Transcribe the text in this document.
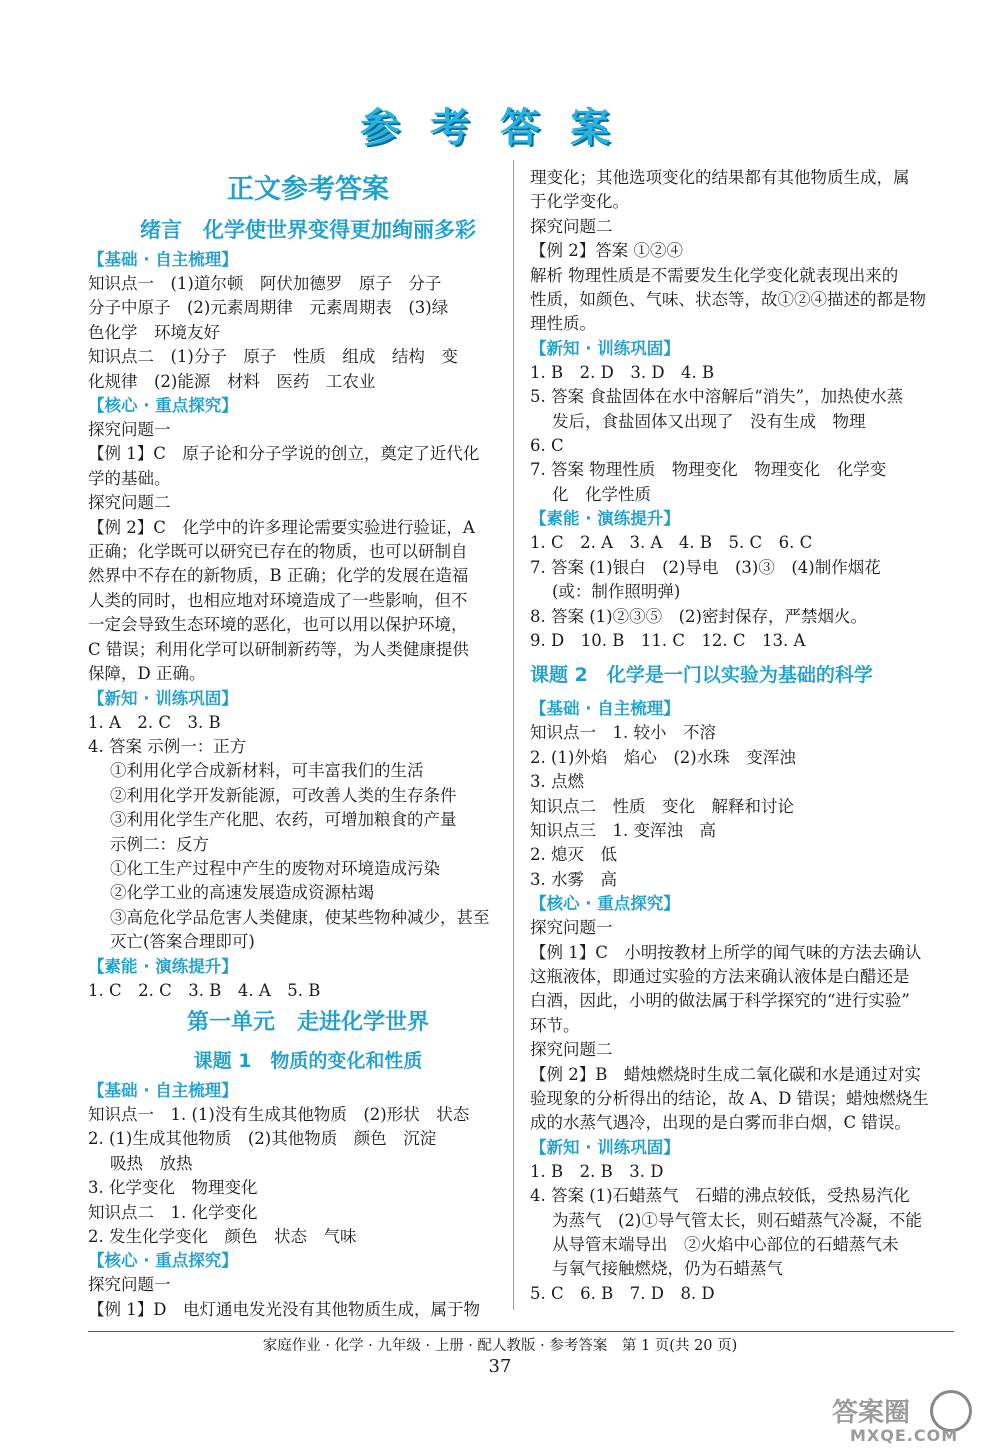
参考答案
正文参考答案
绪言　化学使世界变得更加绚丽多彩
【基础 · 自主梳理】
知识点一　(1)道尔顿　阿伏加德罗　原子　分子
分子中原子　(2)元素周期律　元素周期表　(3)绿
色化学　环境友好
知识点二　(1)分子　原子　性质　组成　结构　变
化规律　(2)能源　材料　医药　工农业
【核心 · 重点探究】
探究问题一
【例 1】C　原子论和分子学说的创立，奠定了近代化
学的基础。
探究问题二
【例 2】C　化学中的许多理论需要实验进行验证，A
正确；化学既可以研究已存在的物质，也可以研制自
然界中不存在的新物质，B 正确；化学的发展在造福
人类的同时，也相应地对环境造成了一些影响，但不
一定会导致生态环境的恶化，也可以用以保护环境，
C 错误；利用化学可以研制新药等，为人类健康提供
保障，D 正确。
【新知 · 训练巩固】
1. A　2. C　3. B
4. 答案 示例一：正方
①利用化学合成新材料，可丰富我们的生活
②利用化学开发新能源，可改善人类的生存条件
③利用化学生产化肥、农药，可增加粮食的产量
示例二：反方
①化工生产过程中产生的废物对环境造成污染
②化学工业的高速发展造成资源枯竭
③高危化学品危害人类健康，使某些物种减少，甚至
灭亡(答案合理即可)
【素能 · 演练提升】
1. C　2. C　3. B　4. A　5. B
第一单元　走进化学世界
课题 1　物质的变化和性质
【基础 · 自主梳理】
知识点一　1. (1)没有生成其他物质　(2)形状　状态
2. (1)生成其他物质　(2)其他物质　颜色　沉淀
吸热　放热
3. 化学变化　物理变化
知识点二　1. 化学变化
2. 发生化学变化　颜色　状态　气味
【核心 · 重点探究】
探究问题一
【例 1】D　电灯通电发光没有其他物质生成，属于物
理变化；其他选项变化的结果都有其他物质生成，属
于化学变化。
探究问题二
【例 2】答案 ①②④
解析 物理性质是不需要发生化学变化就表现出来的
性质，如颜色、气味、状态等，故①②④描述的都是物
理性质。
【新知 · 训练巩固】
1. B　2. D　3. D　4. B
5. 答案 食盐固体在水中溶解后“消失”，加热使水蒸
发后，食盐固体又出现了　没有生成　物理
6. C
7. 答案 物理性质　物理变化　物理变化　化学变
化　化学性质
【素能 · 演练提升】
1. C　2. A　3. A　4. B　5. C　6. C
7. 答案 (1)银白　(2)导电　(3)③　(4)制作烟花
(或：制作照明弹)
8. 答案 (1)②③⑤　(2)密封保存，严禁烟火。
9. D　10. B　11. C　12. C　13. A
课题 2　化学是一门以实验为基础的科学
【基础 · 自主梳理】
知识点一　1. 较小　不溶
2. (1)外焰　焰心　(2)水珠　变浑浊
3. 点燃
知识点二　性质　变化　解释和讨论
知识点三　1. 变浑浊　高
2. 熄灭　低
3. 水雾　高
【核心 · 重点探究】
探究问题一
【例 1】C　小明按教材上所学的闻气味的方法去确认
这瓶液体，即通过实验的方法来确认液体是白醋还是
白酒，因此，小明的做法属于科学探究的“进行实验”
环节。
探究问题二
【例 2】B　蜡烛燃烧时生成二氧化碳和水是通过对实
验现象的分析得出的结论，故 A、D 错误；蜡烛燃烧生
成的水蒸气遇冷，出现的是白雾而非白烟，C 错误。
【新知 · 训练巩固】
1. B　2. B　3. D
4. 答案 (1)石蜡蒸气　石蜡的沸点较低，受热易汽化
为蒸气　(2)①导气管太长，则石蜡蒸气冷凝，不能
从导管末端导出　②火焰中心部位的石蜡蒸气未
与氧气接触燃烧，仍为石蜡蒸气
5. C　6. B　7. D　8. D
家庭作业 · 化学 · 九年级 · 上册 · 配人教版 · 参考答案　第 1 页(共 20 页)
37
答案圈
MXQE.COM
